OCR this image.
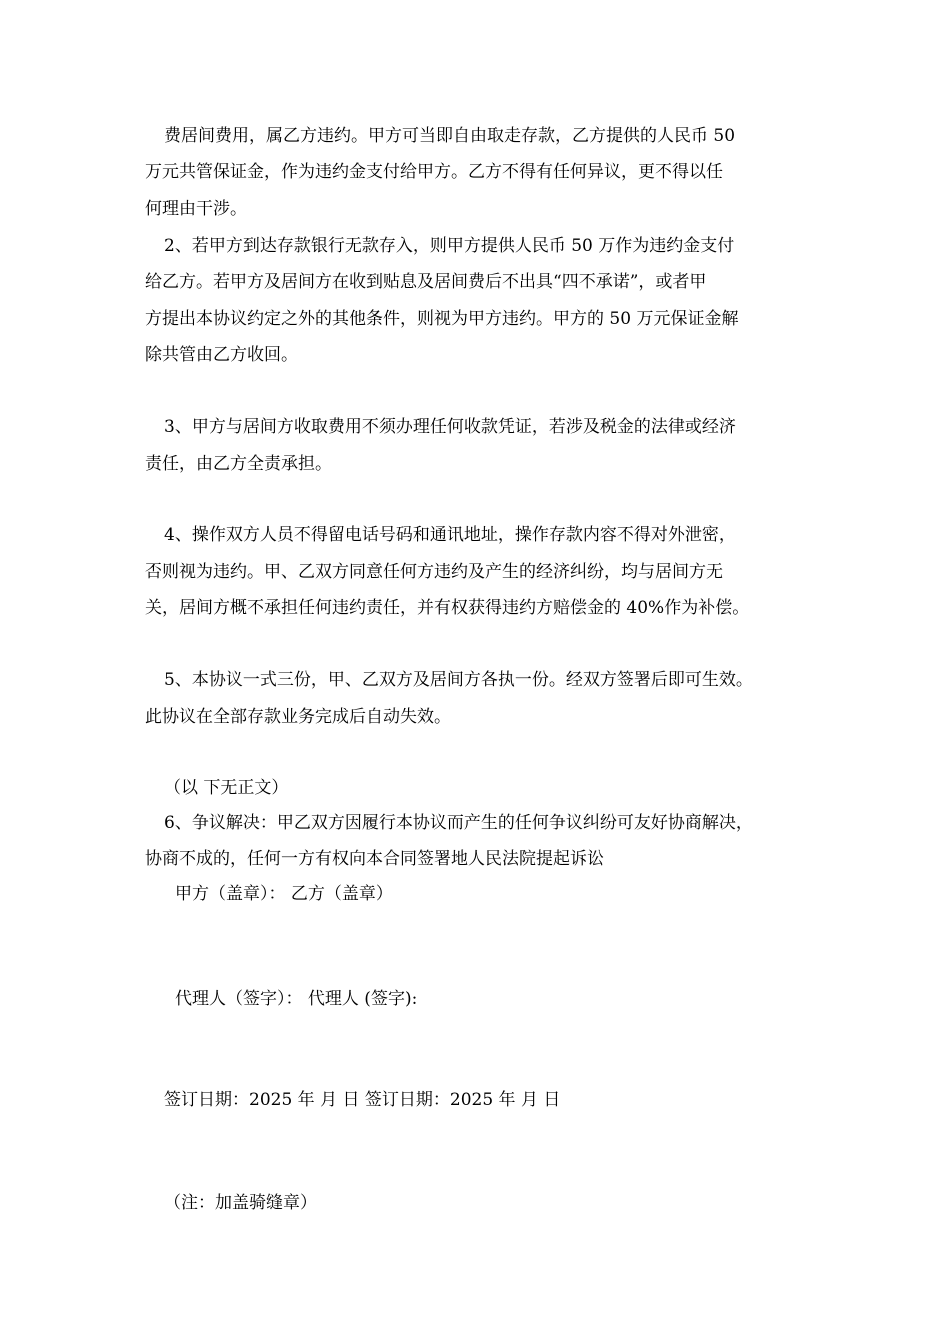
费居间费用，属乙方违约。甲方可当即自由取走存款，乙方提供的人民币 50
万元共管保证金，作为违约金支付给甲方。乙方不得有任何异议，更不得以任
何理由干涉。
2、若甲方到达存款银行无款存入，则甲方提供人民币 50 万作为违约金支付
给乙方。若甲方及居间方在收到贴息及居间费后不出具“四不承诺”，或者甲
方提出本协议约定之外的其他条件，则视为甲方违约。甲方的 50 万元保证金解
除共管由乙方收回。
3、甲方与居间方收取费用不须办理任何收款凭证，若涉及税金的法律或经济
责任，由乙方全责承担。
4、操作双方人员不得留电话号码和通讯地址，操作存款内容不得对外泄密，
否则视为违约。甲、乙双方同意任何方违约及产生的经济纠纷，均与居间方无
关，居间方概不承担任何违约责任，并有权获得违约方赔偿金的 40%作为补偿。
5、本协议一式三份，甲、乙双方及居间方各执一份。经双方签署后即可生效。
此协议在全部存款业务完成后自动失效。
（以 下无正文）
6、争议解决：甲乙双方因履行本协议而产生的任何争议纠纷可友好协商解决，
协商不成的，任何一方有权向本合同签署地人民法院提起诉讼
甲方（盖章）： 乙方（盖章）
代理人（签字）： 代理人 (签字):
签订日期：2025 年 月 日 签订日期：2025 年 月 日
（注：加盖骑缝章）
